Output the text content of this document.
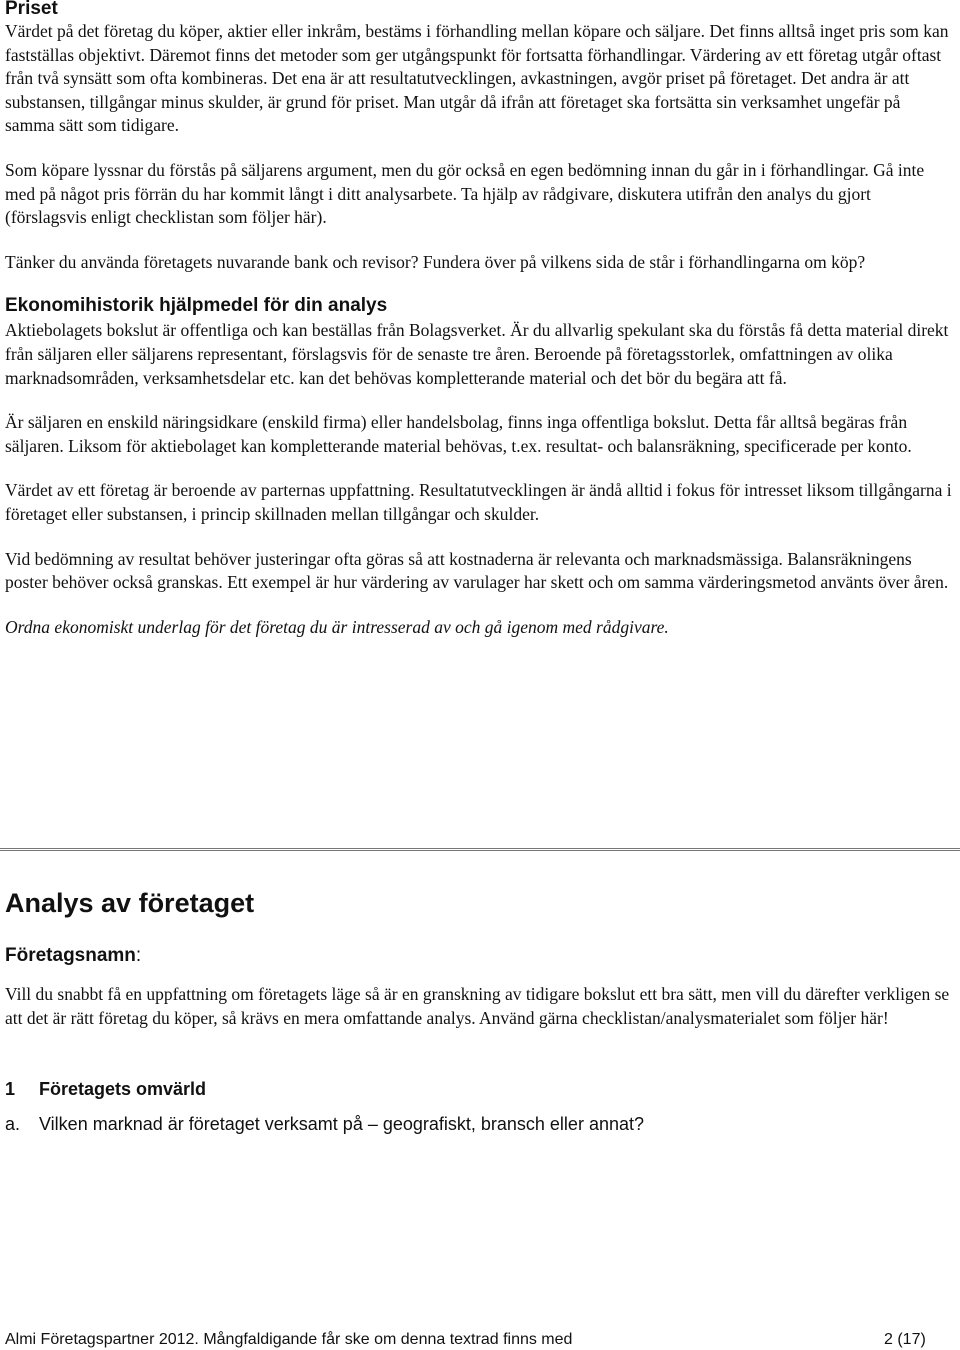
Priset

Värdet på det företag du köper, aktier eller inkråm, bestäms i förhandling mellan köpare och säljare. Det finns alltså inget pris som kan fastställas objektivt. Däremot finns det metoder som ger utgångspunkt för fortsatta förhandlingar. Värdering av ett företag utgår oftast från två synsätt som ofta kombineras. Det ena är att resultatutvecklingen, avkastningen, avgör priset på företaget. Det andra är att substansen, tillgångar minus skulder, är grund för priset. Man utgår då ifrån att företaget ska fortsätta sin verksamhet ungefär på samma sätt som tidigare.

Som köpare lyssnar du förstås på säljarens argument, men du gör också en egen bedömning innan du går in i förhandlingar. Gå inte med på något pris förrän du har kommit långt i ditt analysarbete. Ta hjälp av rådgivare, diskutera utifrån den analys du gjort (förslagsvis enligt checklistan som följer här).

Tänker du använda företagets nuvarande bank och revisor? Fundera över på vilkens sida de står i förhandlingarna om köp?

Ekonomihistorik hjälpmedel för din analys

Aktiebolagets bokslut är offentliga och kan beställas från Bolagsverket. Är du allvarlig spekulant ska du förstås få detta material direkt från säljaren eller säljarens representant, förslagsvis för de senaste tre åren. Beroende på företagsstorlek, omfattningen av olika marknadsområden, verksamhetsdelar etc. kan det behövas kompletterande material och det bör du begära att få.

Är säljaren en enskild näringsidkare (enskild firma) eller handelsbolag, finns inga offentliga bokslut. Detta får alltså begäras från säljaren. Liksom för aktiebolaget kan kompletterande material behövas, t.ex. resultat- och balansräkning, specificerade per konto.

Värdet av ett företag är beroende av parternas uppfattning. Resultatutvecklingen är ändå alltid i fokus för intresset liksom tillgångarna i företaget eller substansen, i princip skillnaden mellan tillgångar och skulder.

Vid bedömning av resultat behöver justeringar ofta göras så att kostnaderna är relevanta och marknadsmässiga. Balansräkningens poster behöver också granskas. Ett exempel är hur värdering av varulager har skett och om samma värderingsmetod använts över åren.

Ordna ekonomiskt underlag för det företag du är intresserad av och gå igenom med rådgivare.

Analys av företaget
Företagsnamn:

Vill du snabbt få en uppfattning om företagets läge så är en granskning av tidigare bokslut ett bra sätt, men vill du därefter verkligen se att det är rätt företag du köper, så krävs en mera omfattande analys. Använd gärna checklistan/analysmaterialet som följer här!

1 Företagets omvärld
a. Vilken marknad är företaget verksamt på – geografiskt, bransch eller annat?
Almi Företagspartner 2012. Mångfaldigande får ske om denna textrad finns med	2 (17)
